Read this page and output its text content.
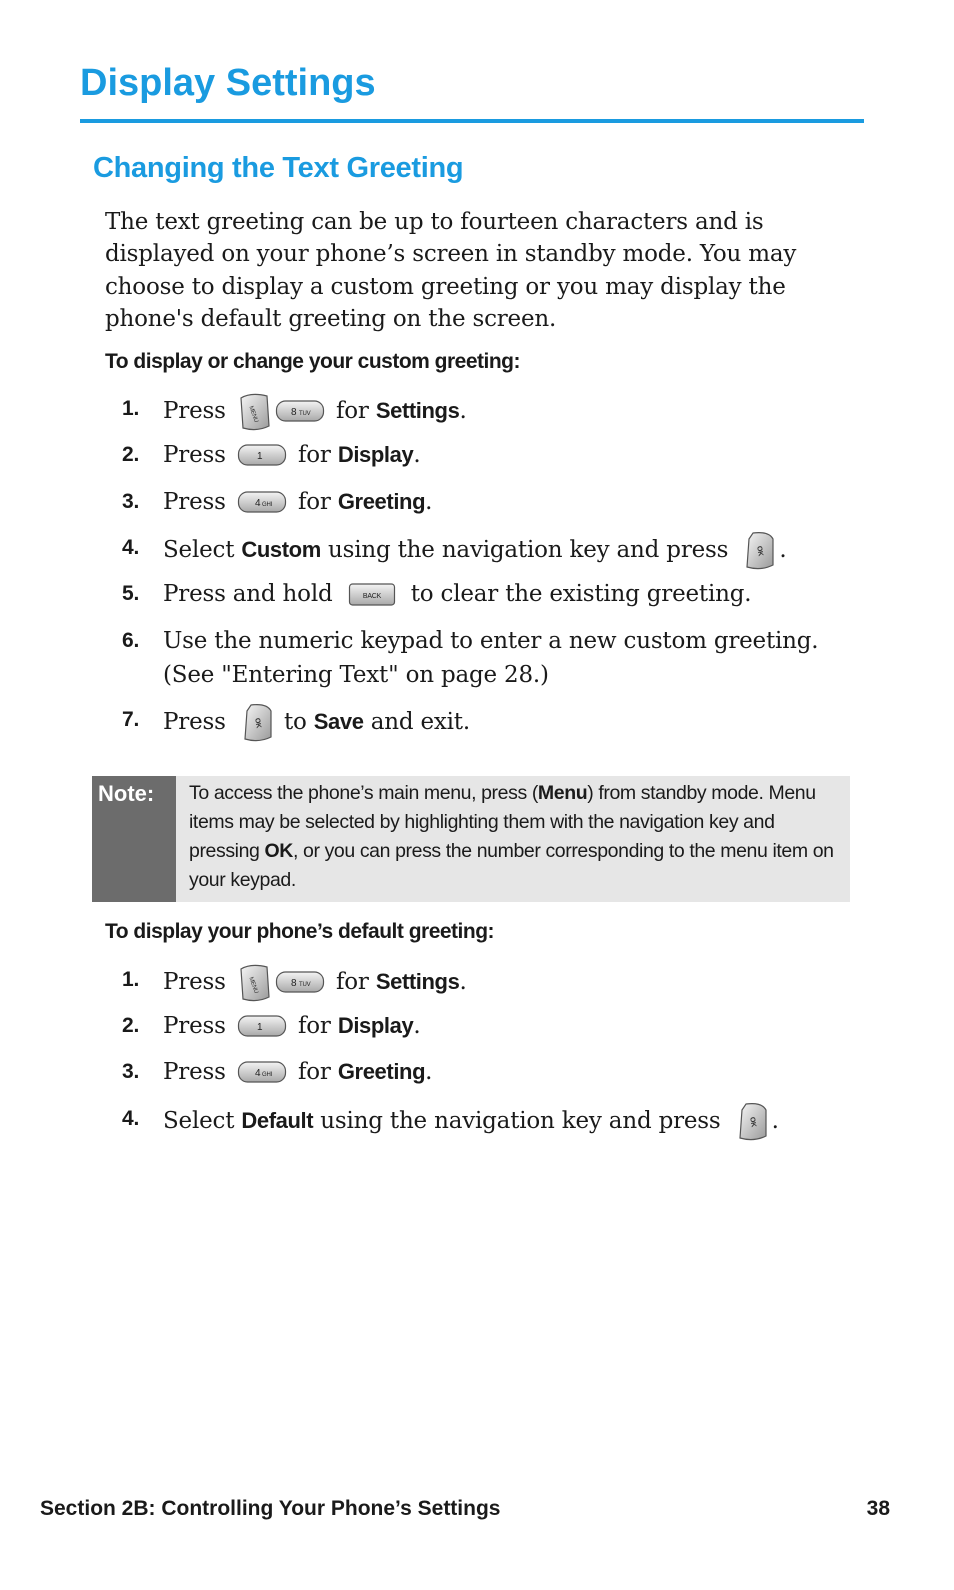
Display Settings
Changing the Text Greeting

The text greeting can be up to fourteen characters and is displayed on your phone’s screen in standby mode. You may choose to display a custom greeting or you may display the phone's default greeting on the screen.

To display or change your custom greeting:
1. Press	MENU	8 TUV for Settings.
2. Press	1 for Display.
3. Press	4 GHI for Greeting.
4. Select Custom using the navigation key and press	OK .
5. Press and hold	BACK to clear the existing greeting.
6. Use the numeric keypad to enter a new custom greeting. (See "Entering Text" on page 28.)
7. Press	OK to Save and exit.
Note:	To access the phone’s main menu, press (Menu) from standby mode. Menu items may be selected by highlighting them with the navigation key and pressing OK, or you can press the number corresponding to the menu item on your keypad.
To display your phone’s default greeting:
1. Press	MENU	8 TUV for Settings.
2. Press	1 for Display.
3. Press	4 GHI for Greeting.
4. Select Default using the navigation key and press	OK .
Section 2B: Controlling Your Phone’s Settings	38
